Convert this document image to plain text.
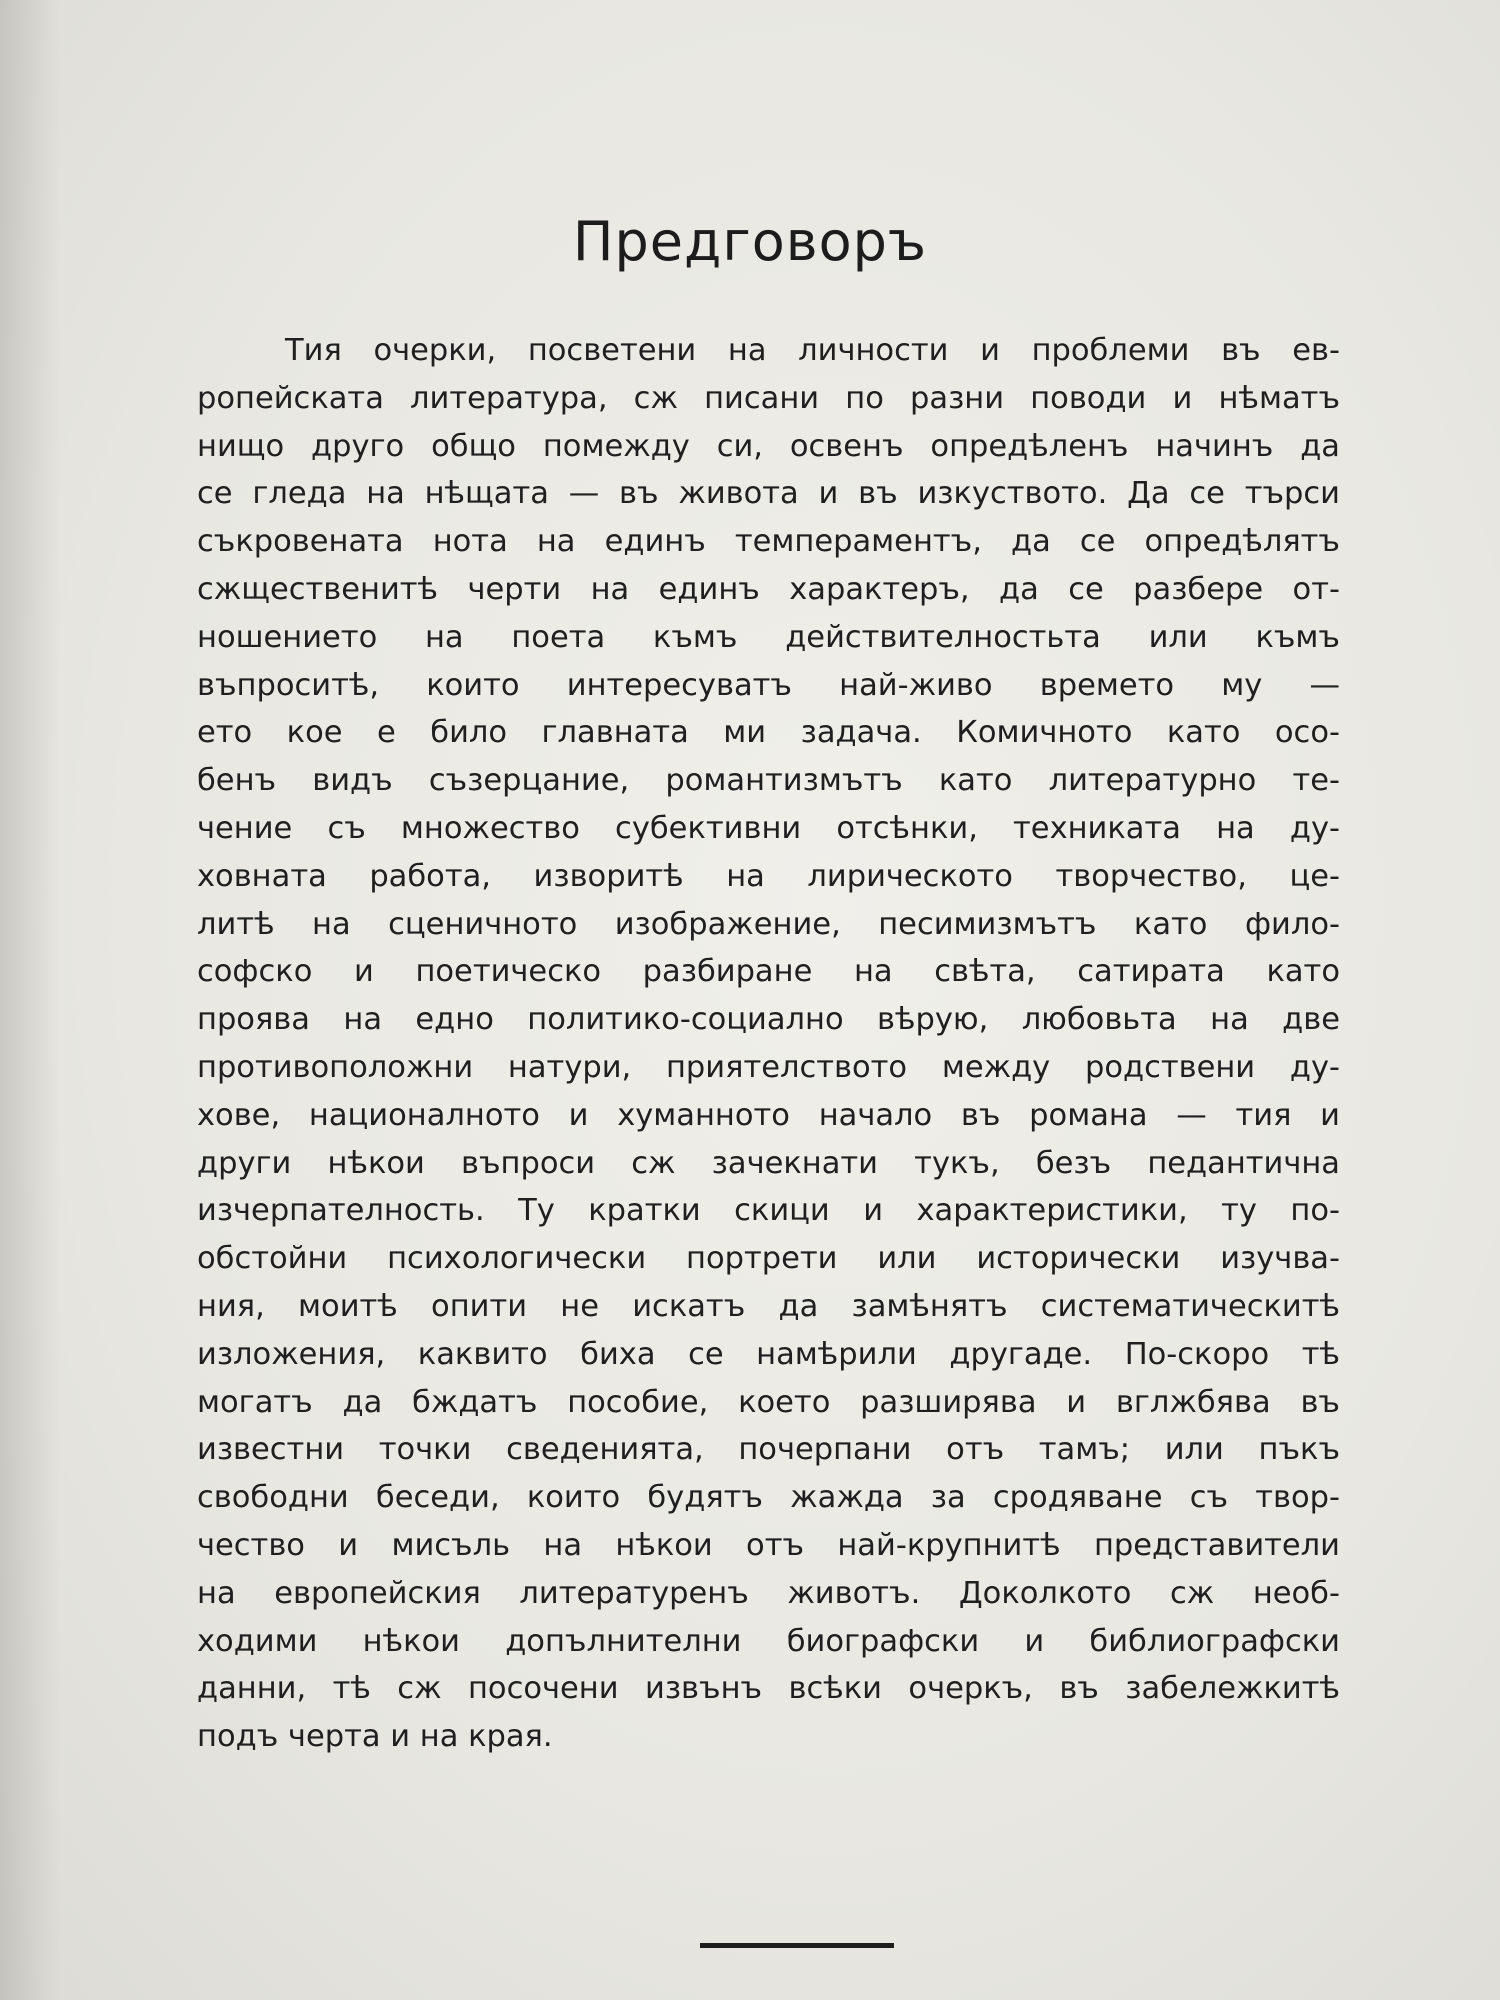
Предговоръ
Тия очерки, посветени на личности и проблеми въ ев-
ропейската литература, сж писани по разни поводи и нѣматъ
нищо друго общо помежду си, освенъ опредѣленъ начинъ да
се гледа на нѣщата — въ живота и въ изкуството. Да се търси
съкровената нота на единъ темпераментъ, да се опредѣлятъ
сжщественитѣ черти на единъ характеръ, да се разбере от-
ношението на поета къмъ действителностьта или къмъ
въпроситѣ, които интересуватъ най-живо времето му —
ето кое е било главната ми задача. Комичното като осо-
бенъ видъ съзерцание, романтизмътъ като литературно те-
чение съ множество субективни отсѣнки, техниката на ду-
ховната работа, изворитѣ на лирическото творчество, це-
литѣ на сценичното изображение, песимизмътъ като фило-
софско и поетическо разбиране на свѣта, сатирата като
проява на едно политико-социално вѣрую, любовьта на две
противоположни натури, приятелството между родствени ду-
хове, националното и хуманното начало въ романа — тия и
други нѣкои въпроси сж зачекнати тукъ, безъ педантична
изчерпателность. Ту кратки скици и характеристики, ту по-
обстойни психологически портрети или исторически изучва-
ния, моитѣ опити не искатъ да замѣнятъ систематическитѣ
изложения, каквито биха се намѣрили другаде. По-скоро тѣ
могатъ да бждатъ пособие, което разширява и вглжбява въ
известни точки сведенията, почерпани отъ тамъ; или пъкъ
свободни беседи, които будятъ жажда за сродяване съ твор-
чество и мисъль на нѣкои отъ най-крупнитѣ представители
на европейския литературенъ животъ. Доколкото сж необ-
ходими нѣкои допълнителни биографски и библиографски
данни, тѣ сж посочени извънъ всѣки очеркъ, въ забележкитѣ
подъ черта и на края.
